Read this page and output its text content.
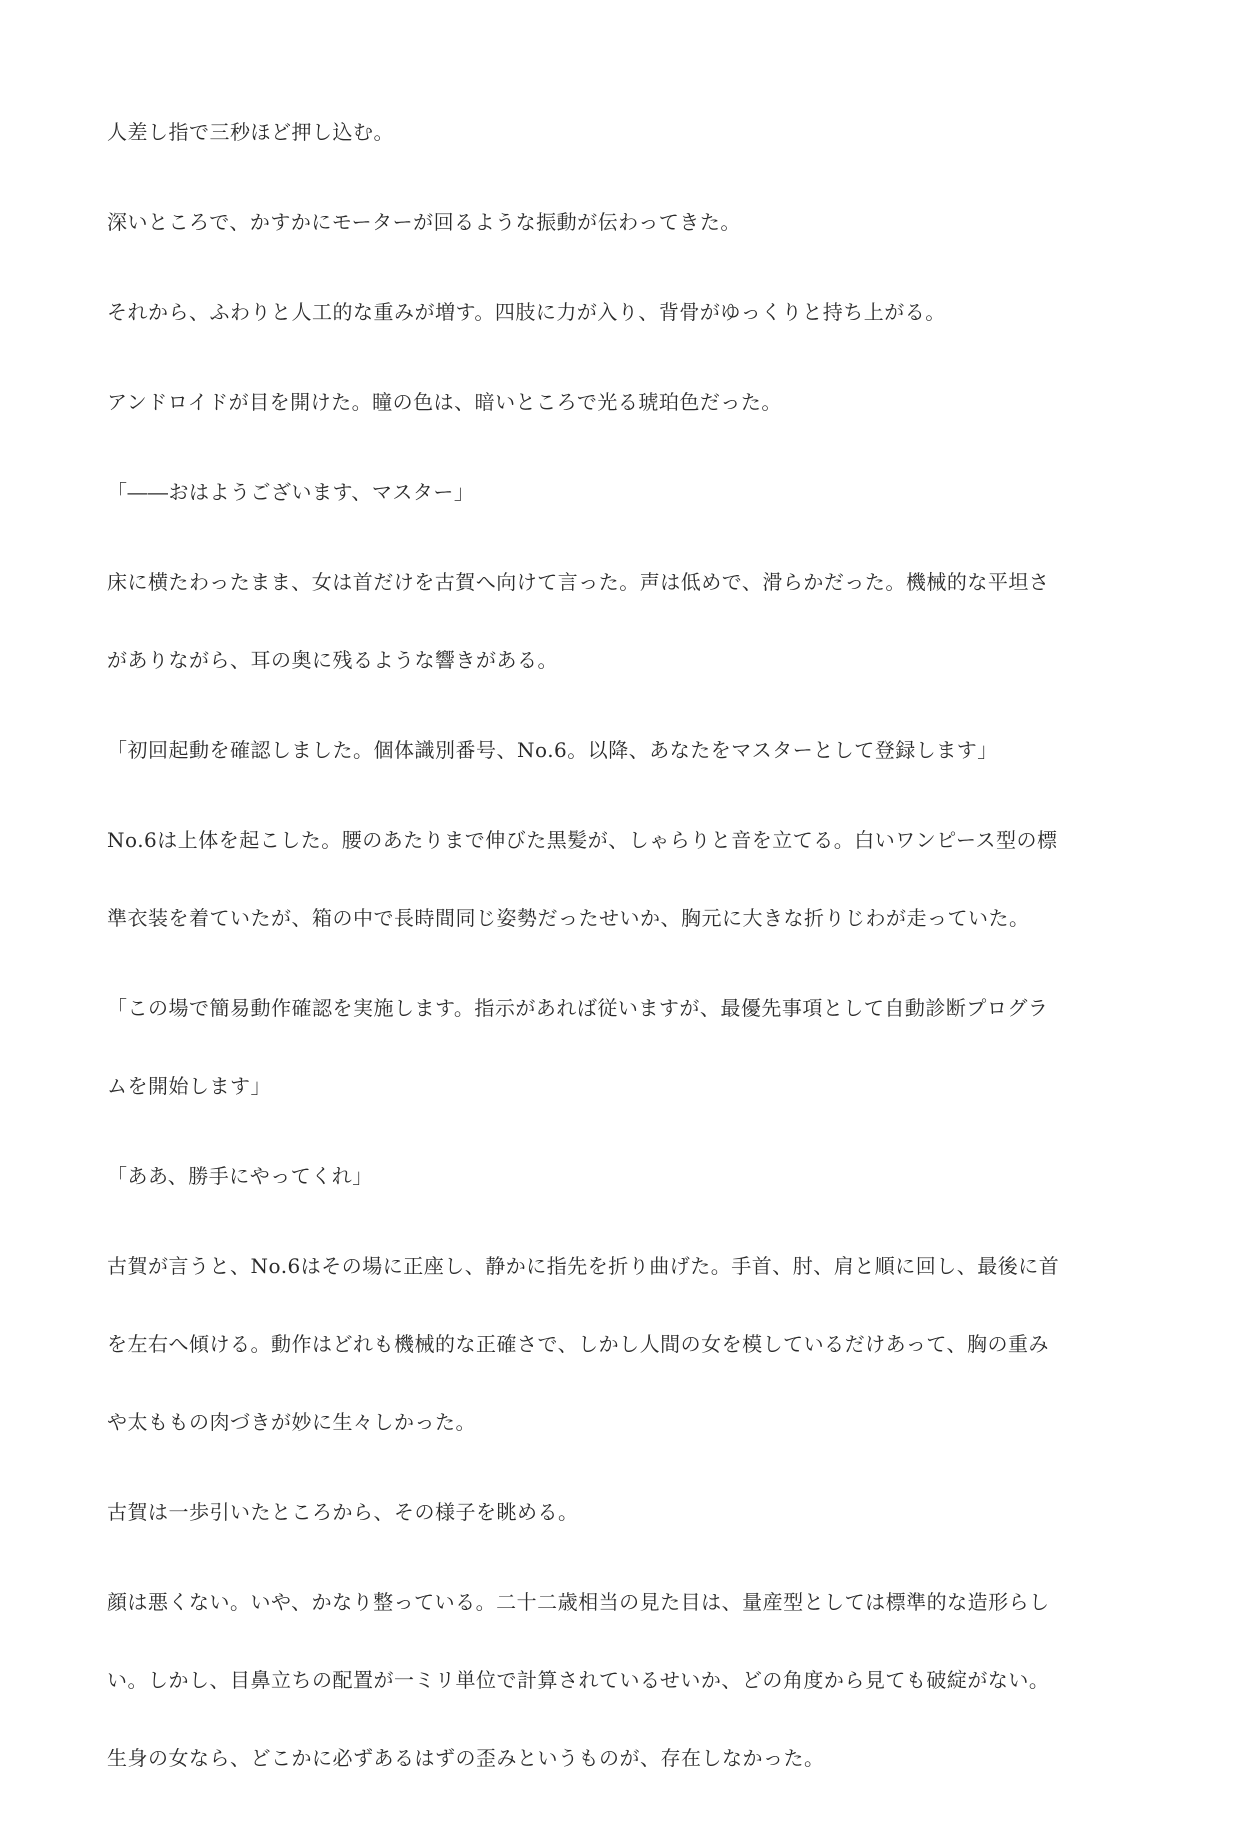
人差し指で三秒ほど押し込む。

深いところで、かすかにモーターが回るような振動が伝わってきた。

それから、ふわりと人工的な重みが増す。四肢に力が入り、背骨がゆっくりと持ち上がる。

アンドロイドが目を開けた。瞳の色は、暗いところで光る琥珀色だった。

「――おはようございます、マスター」

床に横たわったまま、女は首だけを古賀へ向けて言った。声は低めで、滑らかだった。機械的な平坦さ
がありながら、耳の奥に残るような響きがある。

「初回起動を確認しました。個体識別番号、No.6。以降、あなたをマスターとして登録します」

No.6は上体を起こした。腰のあたりまで伸びた黒髪が、しゃらりと音を立てる。白いワンピース型の標
準衣装を着ていたが、箱の中で長時間同じ姿勢だったせいか、胸元に大きな折りじわが走っていた。

「この場で簡易動作確認を実施します。指示があれば従いますが、最優先事項として自動診断プログラ
ムを開始します」

「ああ、勝手にやってくれ」

古賀が言うと、No.6はその場に正座し、静かに指先を折り曲げた。手首、肘、肩と順に回し、最後に首
を左右へ傾ける。動作はどれも機械的な正確さで、しかし人間の女を模しているだけあって、胸の重み
や太ももの肉づきが妙に生々しかった。

古賀は一歩引いたところから、その様子を眺める。

顔は悪くない。いや、かなり整っている。二十二歳相当の見た目は、量産型としては標準的な造形らし
い。しかし、目鼻立ちの配置が一ミリ単位で計算されているせいか、どの角度から見ても破綻がない。
生身の女なら、どこかに必ずあるはずの歪みというものが、存在しなかった。
